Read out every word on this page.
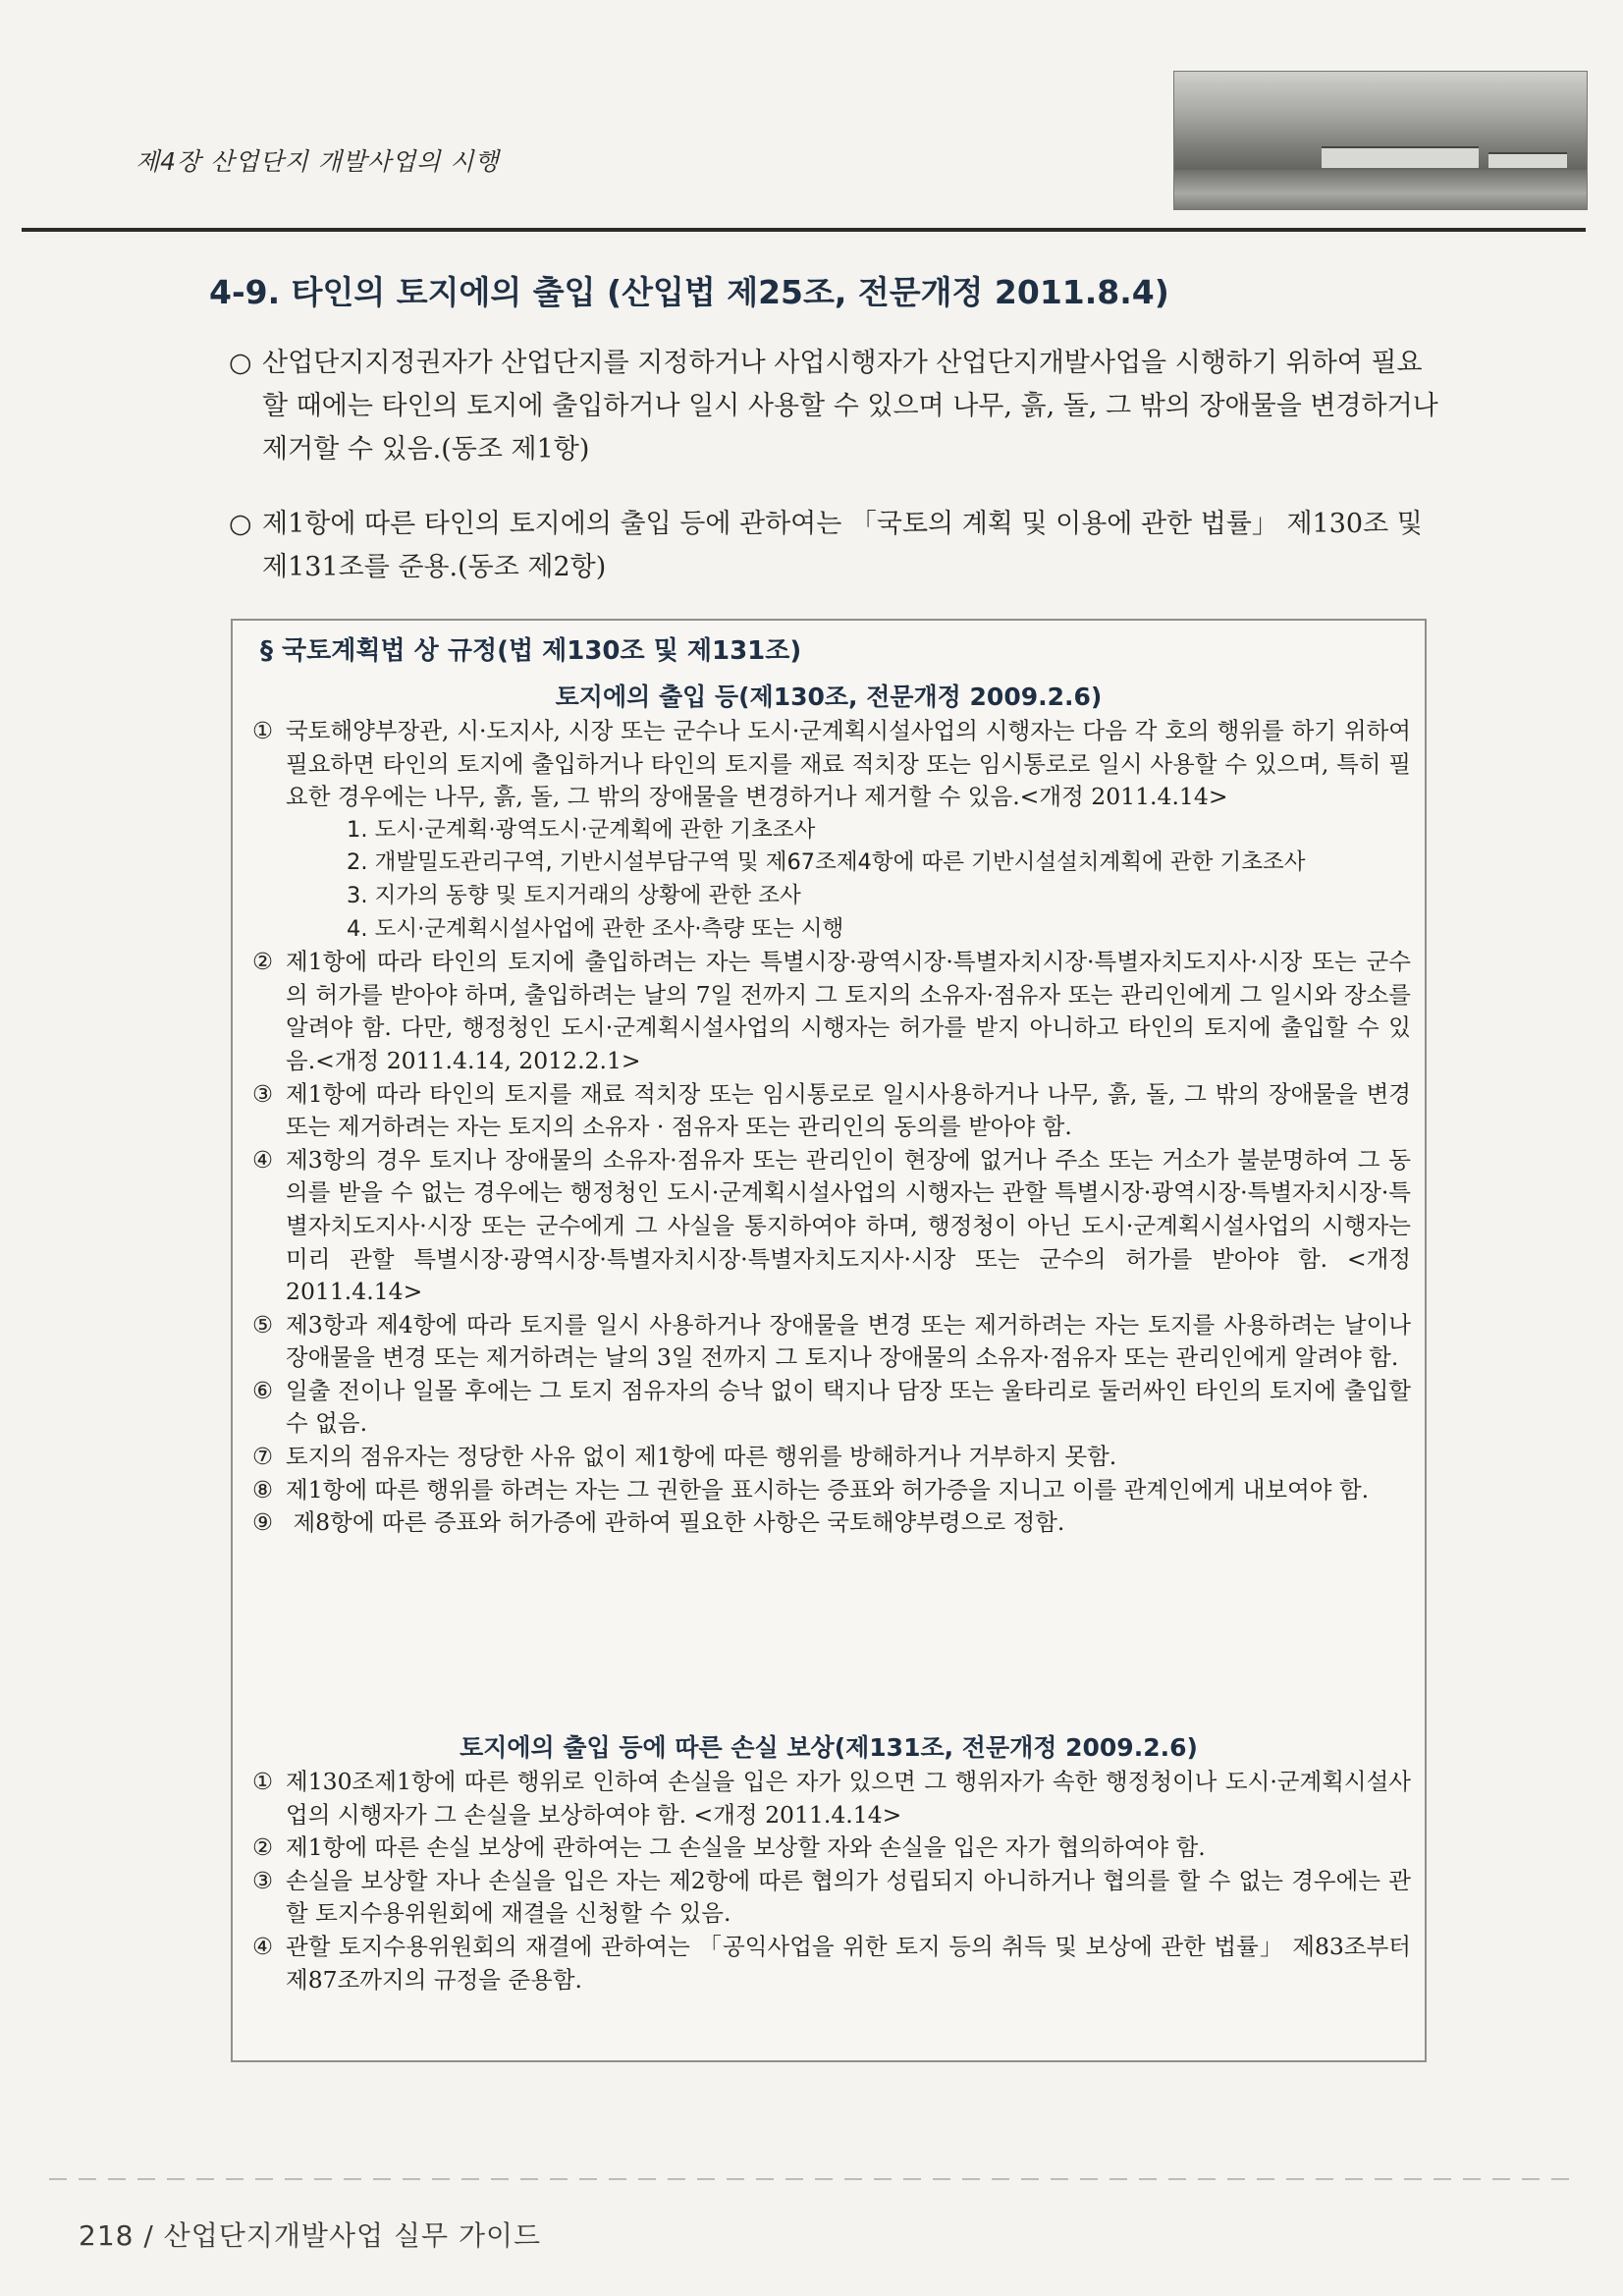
제4장 산업단지 개발사업의 시행
4-9. 타인의 토지에의 출입 (산입법 제25조, 전문개정 2011.8.4)
○ 산업단지지정권자가 산업단지를 지정하거나 사업시행자가 산업단지개발사업을 시행하기 위하여 필요할 때에는 타인의 토지에 출입하거나 일시 사용할 수 있으며 나무, 흙, 돌, 그 밖의 장애물을 변경하거나 제거할 수 있음.(동조 제1항)
○ 제1항에 따른 타인의 토지에의 출입 등에 관하여는 「국토의 계획 및 이용에 관한 법률」 제130조 및 제131조를 준용.(동조 제2항)
§ 국토계획법 상 규정(법 제130조 및 제131조)
토지에의 출입 등(제130조, 전문개정 2009.2.6)
① 국토해양부장관, 시·도지사, 시장 또는 군수나 도시·군계획시설사업의 시행자는 다음 각 호의 행위를 하기 위하여 필요하면 타인의 토지에 출입하거나 타인의 토지를 재료 적치장 또는 임시통로로 일시 사용할 수 있으며, 특히 필요한 경우에는 나무, 흙, 돌, 그 밖의 장애물을 변경하거나 제거할 수 있음.<개정 2011.4.14>
1. 도시·군계획·광역도시·군계획에 관한 기초조사
2. 개발밀도관리구역, 기반시설부담구역 및 제67조제4항에 따른 기반시설설치계획에 관한 기초조사
3. 지가의 동향 및 토지거래의 상황에 관한 조사
4. 도시·군계획시설사업에 관한 조사·측량 또는 시행
② 제1항에 따라 타인의 토지에 출입하려는 자는 특별시장·광역시장·특별자치시장·특별자치도지사·시장 또는 군수의 허가를 받아야 하며, 출입하려는 날의 7일 전까지 그 토지의 소유자·점유자 또는 관리인에게 그 일시와 장소를 알려야 함. 다만, 행정청인 도시·군계획시설사업의 시행자는 허가를 받지 아니하고 타인의 토지에 출입할 수 있음.<개정 2011.4.14, 2012.2.1>
③ 제1항에 따라 타인의 토지를 재료 적치장 또는 임시통로로 일시사용하거나 나무, 흙, 돌, 그 밖의 장애물을 변경 또는 제거하려는 자는 토지의 소유자 · 점유자 또는 관리인의 동의를 받아야 함.
④ 제3항의 경우 토지나 장애물의 소유자·점유자 또는 관리인이 현장에 없거나 주소 또는 거소가 불분명하여 그 동의를 받을 수 없는 경우에는 행정청인 도시·군계획시설사업의 시행자는 관할 특별시장·광역시장·특별자치시장·특별자치도지사·시장 또는 군수에게 그 사실을 통지하여야 하며, 행정청이 아닌 도시·군계획시설사업의 시행자는 미리 관할 특별시장·광역시장·특별자치시장·특별자치도지사·시장 또는 군수의 허가를 받아야 함. <개정 2011.4.14>
⑤ 제3항과 제4항에 따라 토지를 일시 사용하거나 장애물을 변경 또는 제거하려는 자는 토지를 사용하려는 날이나 장애물을 변경 또는 제거하려는 날의 3일 전까지 그 토지나 장애물의 소유자·점유자 또는 관리인에게 알려야 함.
⑥ 일출 전이나 일몰 후에는 그 토지 점유자의 승낙 없이 택지나 담장 또는 울타리로 둘러싸인 타인의 토지에 출입할 수 없음.
⑦ 토지의 점유자는 정당한 사유 없이 제1항에 따른 행위를 방해하거나 거부하지 못함.
⑧ 제1항에 따른 행위를 하려는 자는 그 권한을 표시하는 증표와 허가증을 지니고 이를 관계인에게 내보여야 함.
⑨ 제8항에 따른 증표와 허가증에 관하여 필요한 사항은 국토해양부령으로 정함.
토지에의 출입 등에 따른 손실 보상(제131조, 전문개정 2009.2.6)
① 제130조제1항에 따른 행위로 인하여 손실을 입은 자가 있으면 그 행위자가 속한 행정청이나 도시·군계획시설사업의 시행자가 그 손실을 보상하여야 함. <개정 2011.4.14>
② 제1항에 따른 손실 보상에 관하여는 그 손실을 보상할 자와 손실을 입은 자가 협의하여야 함.
③ 손실을 보상할 자나 손실을 입은 자는 제2항에 따른 협의가 성립되지 아니하거나 협의를 할 수 없는 경우에는 관할 토지수용위원회에 재결을 신청할 수 있음.
④ 관할 토지수용위원회의 재결에 관하여는 「공익사업을 위한 토지 등의 취득 및 보상에 관한 법률」 제83조부터 제87조까지의 규정을 준용함.
218 / 산업단지개발사업 실무 가이드
